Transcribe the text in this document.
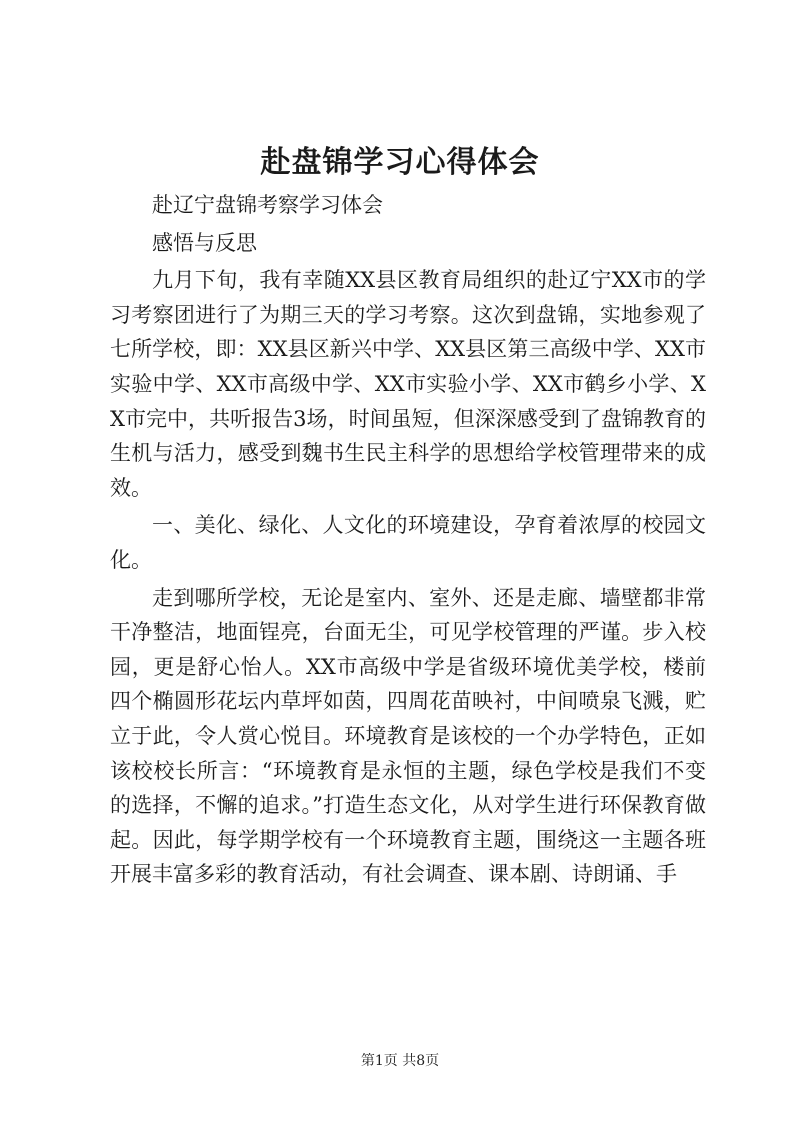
赴盘锦学习心得体会

赴辽宁盘锦考察学习体会

感悟与反思

九月下旬，我有幸随XX县区教育局组织的赴辽宁XX市的学习考察团进行了为期三天的学习考察。这次到盘锦，实地参观了七所学校，即：XX县区新兴中学、XX县区第三高级中学、XX市实验中学、XX市高级中学、XX市实验小学、XX市鹤乡小学、XX市完中，共听报告3场，时间虽短，但深深感受到了盘锦教育的生机与活力，感受到魏书生民主科学的思想给学校管理带来的成效。

一、美化、绿化、人文化的环境建设，孕育着浓厚的校园文化。

走到哪所学校，无论是室内、室外、还是走廊、墙壁都非常干净整洁，地面锃亮，台面无尘，可见学校管理的严谨。步入校园，更是舒心怡人。XX市高级中学是省级环境优美学校，楼前四个椭圆形花坛内草坪如茵，四周花苗映衬，中间喷泉飞溅，贮立于此，令人赏心悦目。环境教育是该校的一个办学特色，正如该校校长所言：“环境教育是永恒的主题，绿色学校是我们不变的选择，不懈的追求。”打造生态文化，从对学生进行环保教育做起。因此，每学期学校有一个环境教育主题，围绕这一主题各班开展丰富多彩的教育活动，有社会调查、课本剧、诗朗诵、手

第1页 共8页
